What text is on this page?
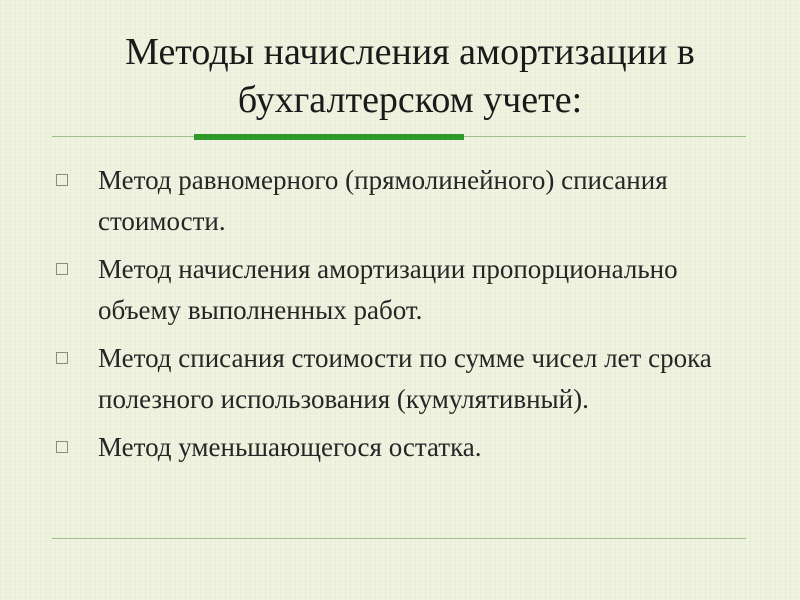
Методы начисления амортизации в бухгалтерском учете:
Метод равномерного (прямолинейного) списания стоимости.
Метод начисления амортизации пропорционально объему выполненных работ.
Метод списания стоимости по сумме чисел лет срока полезного использования (кумулятивный).
Метод уменьшающегося остатка.
